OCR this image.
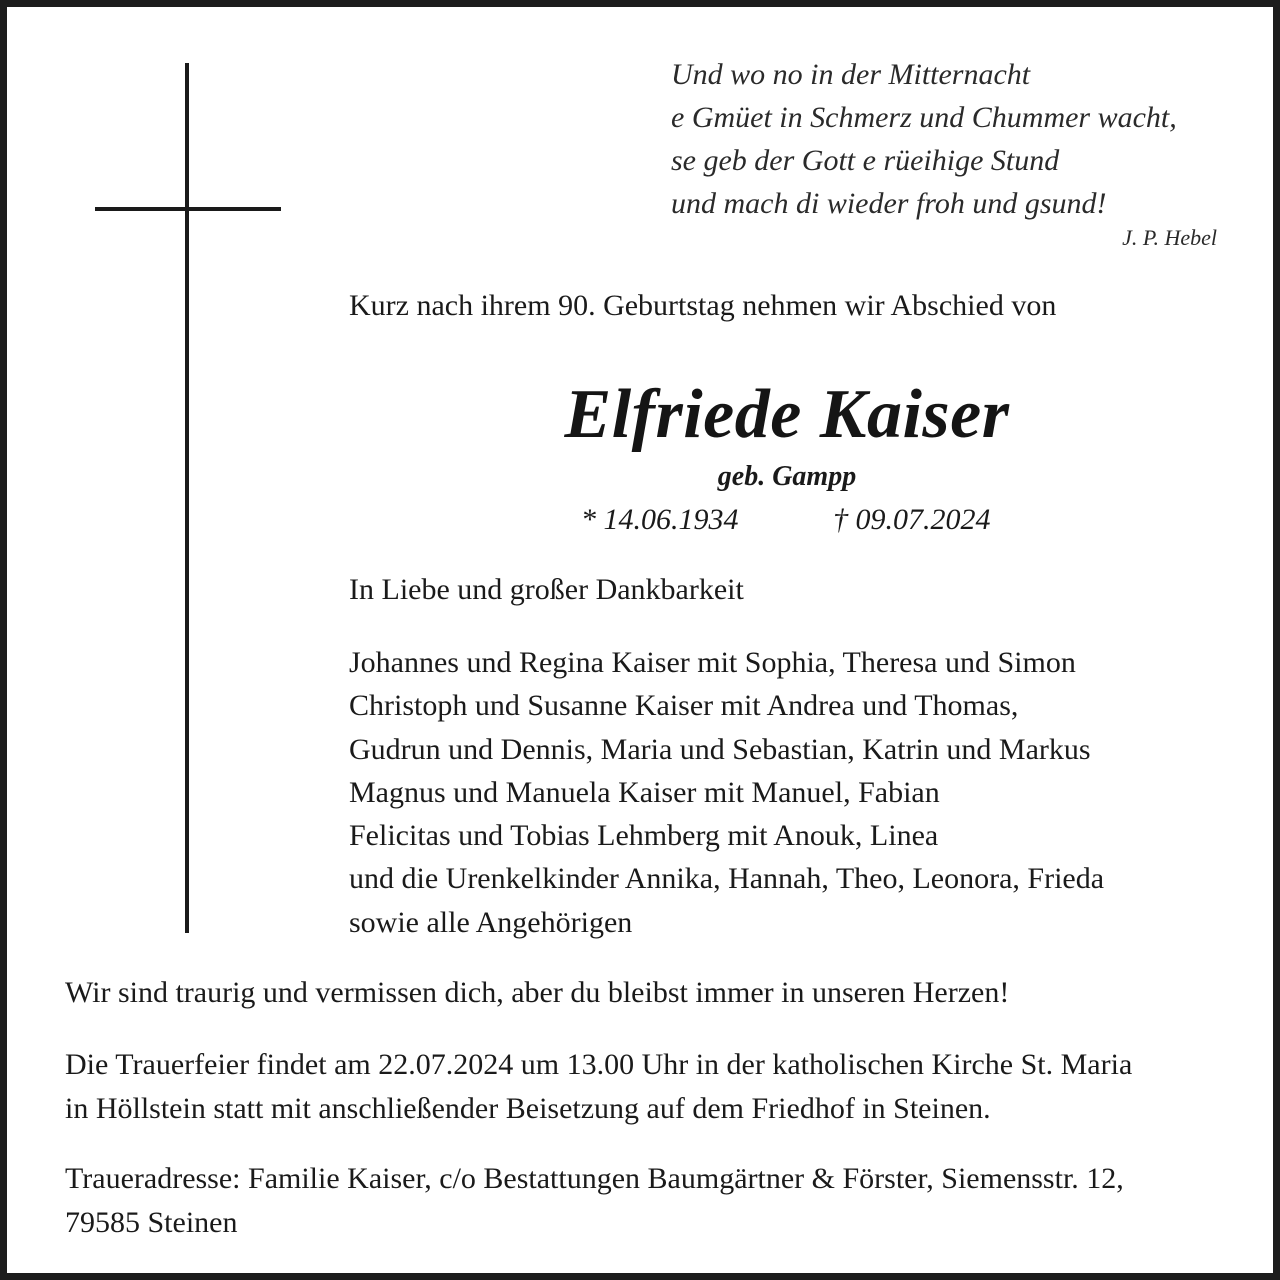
Und wo no in der Mitternacht
e Gmüet in Schmerz und Chummer wacht,
se geb der Gott e rüeihige Stund
und mach di wieder froh und gsund!
J. P. Hebel
Kurz nach ihrem 90. Geburtstag nehmen wir Abschied von
Elfriede Kaiser
geb. Gampp
* 14.06.1934	† 09.07.2024
In Liebe und großer Dankbarkeit
Johannes und Regina Kaiser mit Sophia, Theresa und Simon
Christoph und Susanne Kaiser mit Andrea und Thomas,
Gudrun und Dennis, Maria und Sebastian, Katrin und Markus
Magnus und Manuela Kaiser mit Manuel, Fabian
Felicitas und Tobias Lehmberg mit Anouk, Linea
und die Urenkelkinder Annika, Hannah, Theo, Leonora, Frieda
sowie alle Angehörigen
Wir sind traurig und vermissen dich, aber du bleibst immer in unseren Herzen!
Die Trauerfeier findet am 22.07.2024 um 13.00 Uhr in der katholischen Kirche St. Maria
in Höllstein statt mit anschließender Beisetzung auf dem Friedhof in Steinen.
Traueradresse: Familie Kaiser, c/o Bestattungen Baumgärtner & Förster, Siemensstr. 12,
79585 Steinen
